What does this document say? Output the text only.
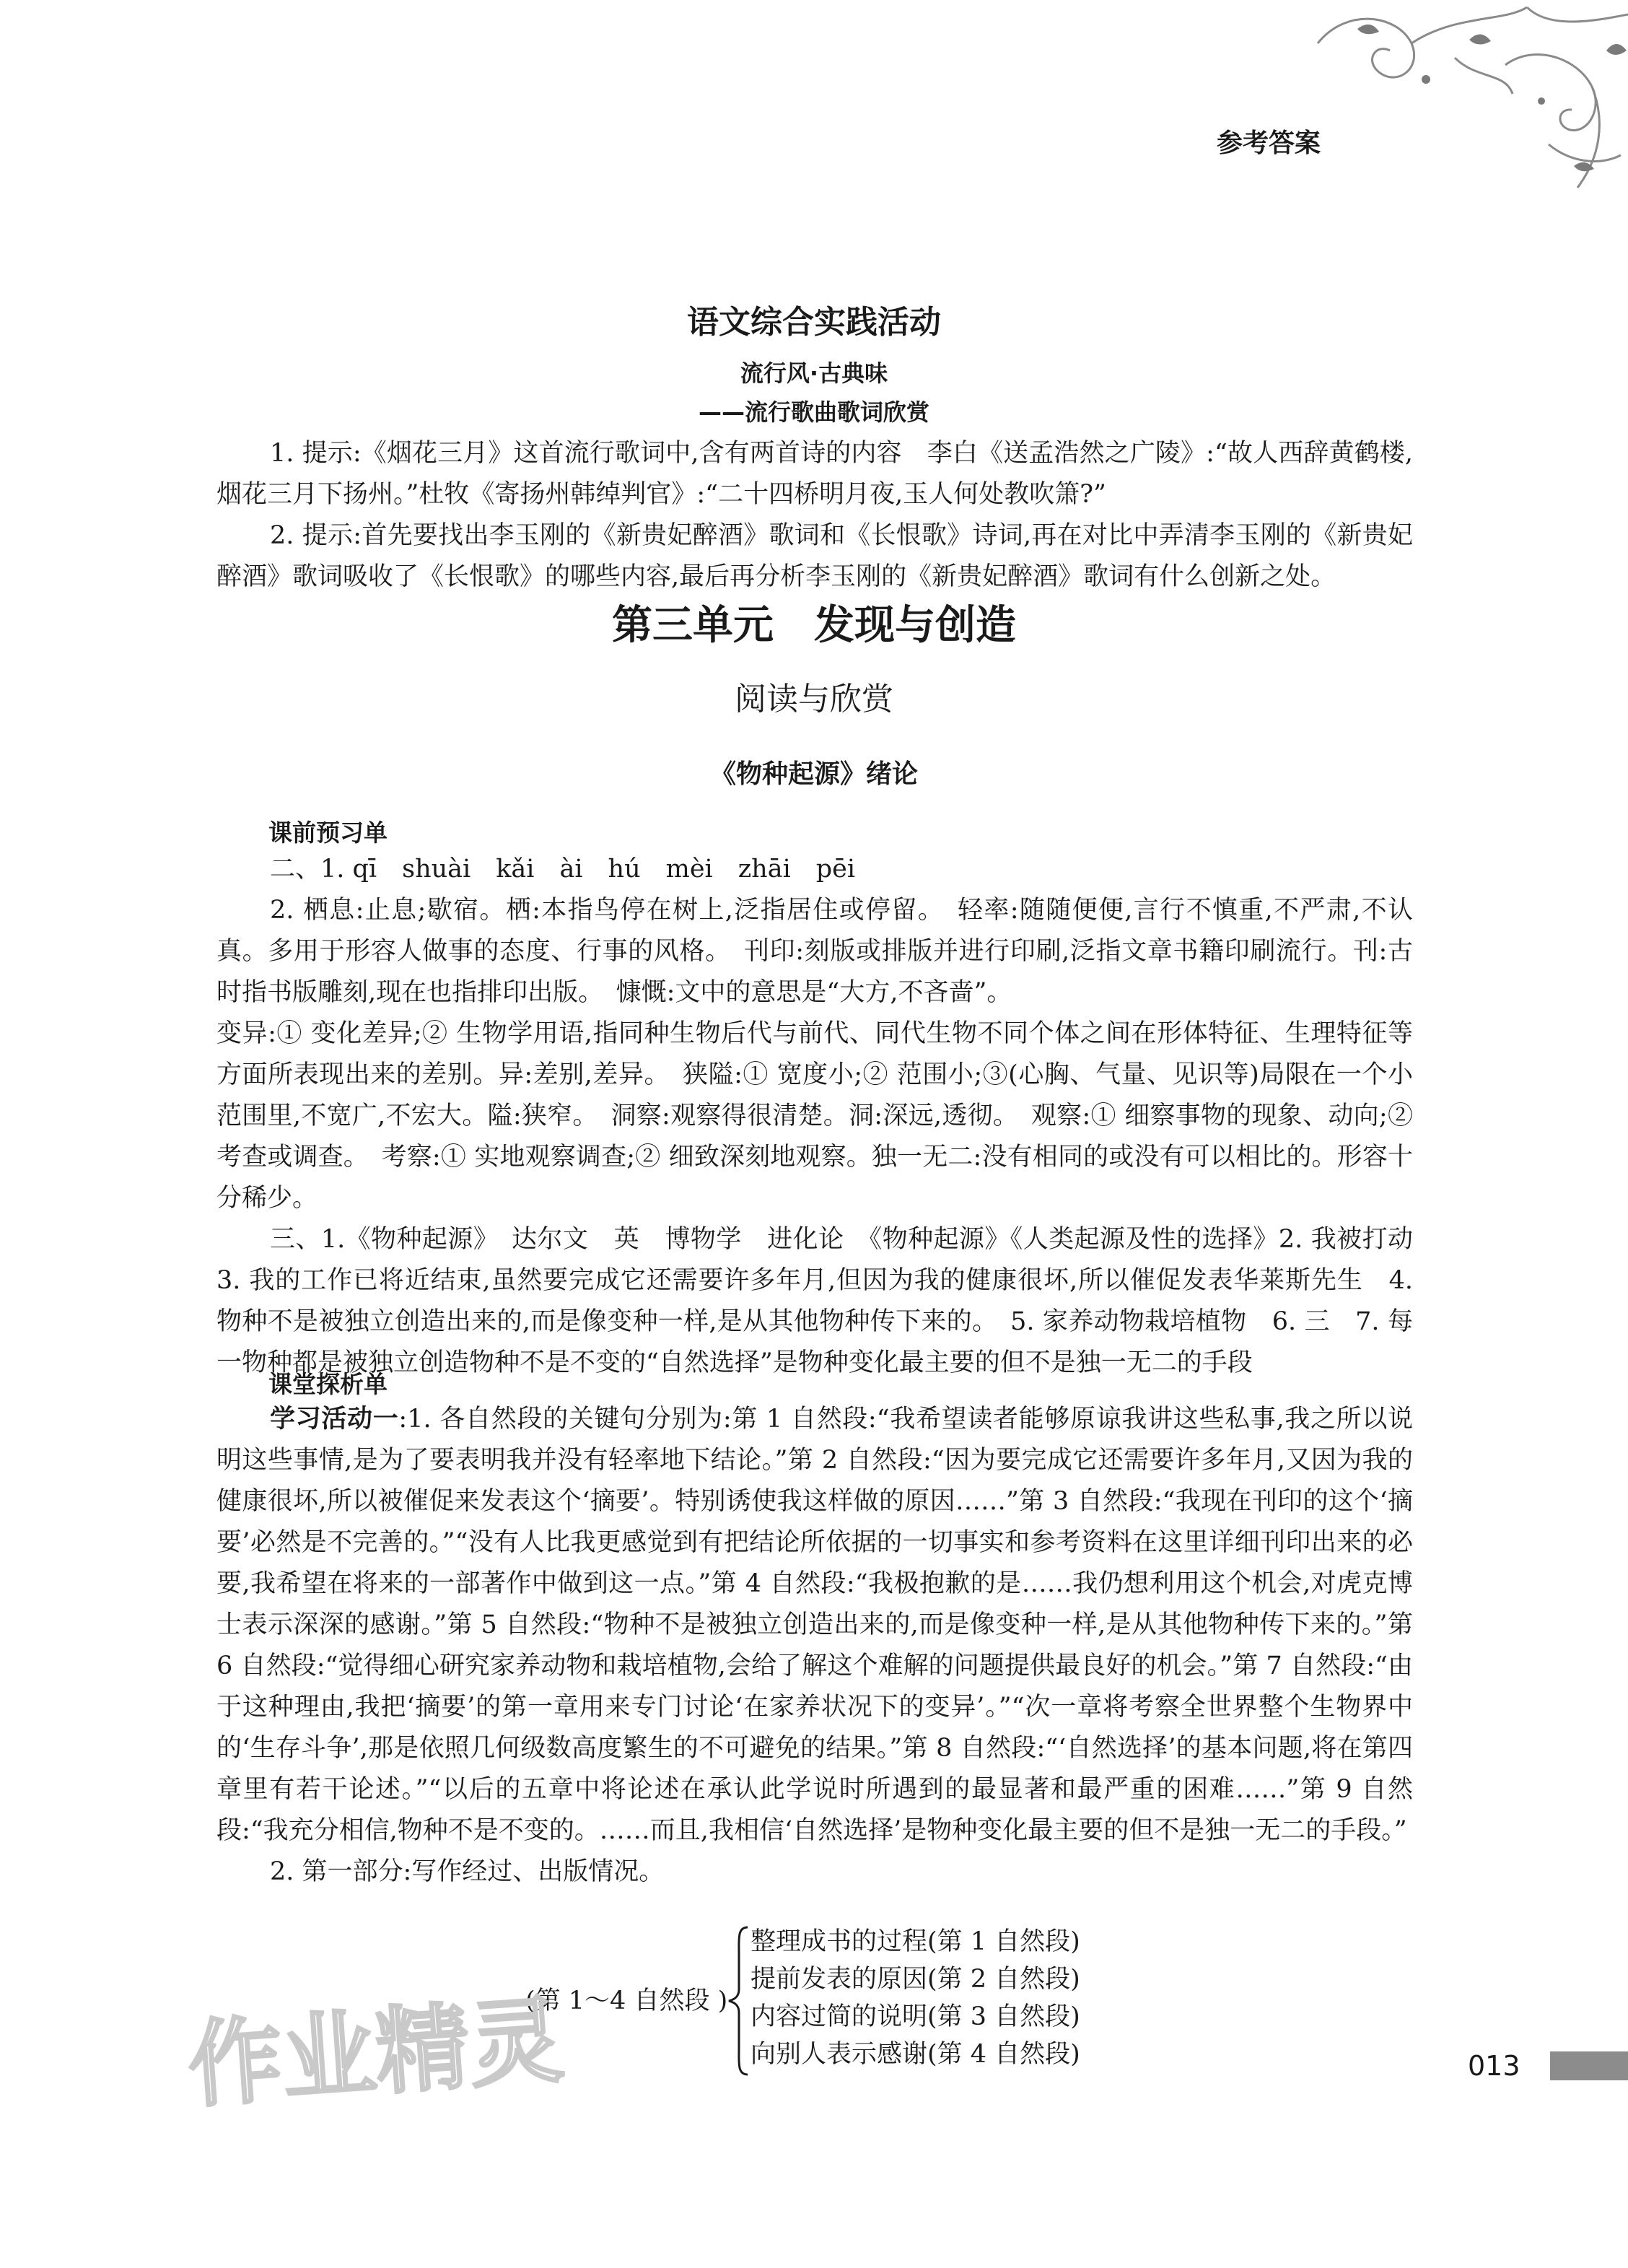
参考答案
语文综合实践活动
流行风·古典味
——流行歌曲歌词欣赏

1. 提示:《烟花三月》这首流行歌词中,含有两首诗的内容　李白《送孟浩然之广陵》:“故人西辞黄鹤楼,烟花三月下扬州。”杜牧《寄扬州韩绰判官》:“二十四桥明月夜,玉人何处教吹箫?”

2. 提示:首先要找出李玉刚的《新贵妃醉酒》歌词和《长恨歌》诗词,再在对比中弄清李玉刚的《新贵妃醉酒》歌词吸收了《长恨歌》的哪些内容,最后再分析李玉刚的《新贵妃醉酒》歌词有什么创新之处。

第三单元　发现与创造
阅读与欣赏
《物种起源》绪论
课前预习单

二、1. qī　shuài　kǎi　ài　hú　mèi　zhāi　pēi

2. 栖息:止息;歇宿。栖:本指鸟停在树上,泛指居住或停留。　轻率:随随便便,言行不慎重,不严肃,不认真。多用于形容人做事的态度、行事的风格。　刊印:刻版或排版并进行印刷,泛指文章书籍印刷流行。刊:古时指书版雕刻,现在也指排印出版。　慷慨:文中的意思是“大方,不吝啬”。

变异:① 变化差异;② 生物学用语,指同种生物后代与前代、同代生物不同个体之间在形体特征、生理特征等方面所表现出来的差别。异:差别,差异。　狭隘:① 宽度小;② 范围小;③(心胸、气量、见识等)局限在一个小范围里,不宽广,不宏大。隘:狭窄。　洞察:观察得很清楚。洞:深远,透彻。　观察:① 细察事物的现象、动向;② 考查或调查。　考察:① 实地观察调查;② 细致深刻地观察。独一无二:没有相同的或没有可以相比的。形容十分稀少。

三、1.《物种起源》　达尔文　英　博物学　进化论　《物种起源》《人类起源及性的选择》2. 我被打动　3. 我的工作已将近结束,虽然要完成它还需要许多年月,但因为我的健康很坏,所以催促发表华莱斯先生　4. 物种不是被独立创造出来的,而是像变种一样,是从其他物种传下来的。　5. 家养动物栽培植物　6. 三　7. 每一物种都是被独立创造物种不是不变的“自然选择”是物种变化最主要的但不是独一无二的手段

课堂探析单

学习活动一:1. 各自然段的关键句分别为:第 1 自然段:“我希望读者能够原谅我讲这些私事,我之所以说明这些事情,是为了要表明我并没有轻率地下结论。”第 2 自然段:“因为要完成它还需要许多年月,又因为我的健康很坏,所以被催促来发表这个‘摘要’。特别诱使我这样做的原因……”第 3 自然段:“我现在刊印的这个‘摘要’必然是不完善的。”“没有人比我更感觉到有把结论所依据的一切事实和参考资料在这里详细刊印出来的必要,我希望在将来的一部著作中做到这一点。”第 4 自然段:“我极抱歉的是……我仍想利用这个机会,对虎克博士表示深深的感谢。”第 5 自然段:“物种不是被独立创造出来的,而是像变种一样,是从其他物种传下来的。”第 6 自然段:“觉得细心研究家养动物和栽培植物,会给了解这个难解的问题提供最良好的机会。”第 7 自然段:“由于这种理由,我把‘摘要’的第一章用来专门讨论‘在家养状况下的变异’。”“次一章将考察全世界整个生物界中的‘生存斗争’,那是依照几何级数高度繁生的不可避免的结果。”第 8 自然段:“‘自然选择’的基本问题,将在第四章里有若干论述。”“以后的五章中将论述在承认此学说时所遇到的最显著和最严重的困难……”第 9 自然段:“我充分相信,物种不是不变的。……而且,我相信‘自然选择’是物种变化最主要的但不是独一无二的手段。”

2. 第一部分:写作经过、出版情况。

(第 1～4 自然段 )
整理成书的过程(第 1 自然段)
提前发表的原因(第 2 自然段)
内容过简的说明(第 3 自然段)
向别人表示感谢(第 4 自然段)
作业精灵	013
